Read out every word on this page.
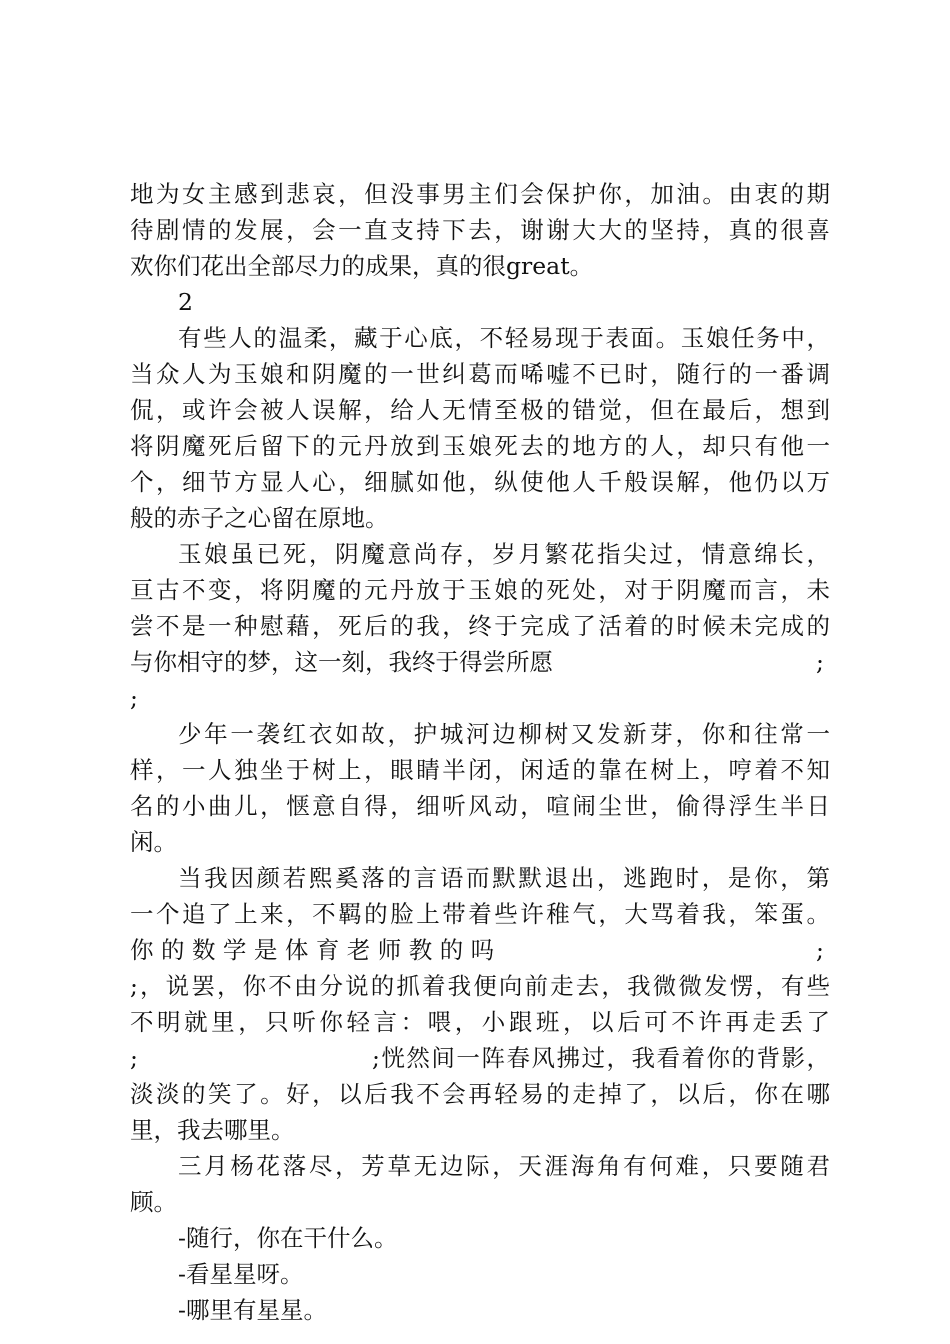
地为女主感到悲哀，但没事男主们会保护你，加油。由衷的期
待剧情的发展，会一直支持下去，谢谢大大的坚持，真的很喜
欢你们花出全部尽力的成果，真的很great。
2
有些人的温柔，藏于心底，不轻易现于表面。玉娘任务中，
当众人为玉娘和阴魔的一世纠葛而唏嘘不已时，随行的一番调
侃，或许会被人误解，给人无情至极的错觉，但在最后，想到
将阴魔死后留下的元丹放到玉娘死去的地方的人，却只有他一
个，细节方显人心，细腻如他，纵使他人千般误解，他仍以万
般的赤子之心留在原地。
玉娘虽已死，阴魔意尚存，岁月繁花指尖过，情意绵长，
亘古不变，将阴魔的元丹放于玉娘的死处，对于阴魔而言，未
尝不是一种慰藉，死后的我，终于完成了活着的时候未完成的
与你相守的梦，这一刻，我终于得尝所愿	;
;
少年一袭红衣如故，护城河边柳树又发新芽，你和往常一
样，一人独坐于树上，眼睛半闭，闲适的靠在树上，哼着不知
名的小曲儿，惬意自得，细听风动，喧闹尘世，偷得浮生半日
闲。
当我因颜若熙奚落的言语而默默退出，逃跑时，是你，第
一个追了上来，不羁的脸上带着些许稚气，大骂着我，笨蛋。
你 的 数 学 是 体 育 老 师 教 的 吗	;
;，说罢，你不由分说的抓着我便向前走去，我微微发愣，有些
不明就里，只听你轻言：喂，小跟班，以后可不许再走丢了
;	;恍然间一阵春风拂过，我看着你的背影，
淡淡的笑了。好，以后我不会再轻易的走掉了，以后，你在哪
里，我去哪里。
三月杨花落尽，芳草无边际，天涯海角有何难，只要随君
顾。
-随行，你在干什么。
-看星星呀。
-哪里有星星。
